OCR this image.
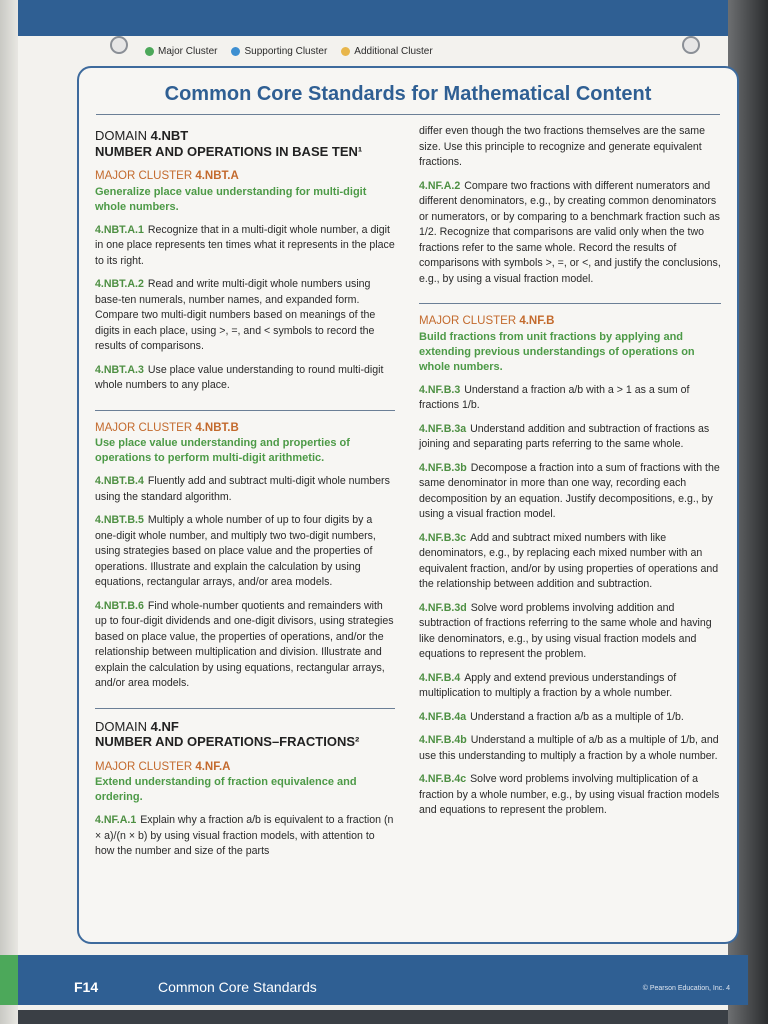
Major Cluster	Supporting Cluster	Additional Cluster
Common Core Standards for Mathematical Content
DOMAIN 4.NBT
NUMBER AND OPERATIONS IN BASE TEN¹
MAJOR CLUSTER 4.NBT.A
Generalize place value understanding for multi-digit whole numbers.
4.NBT.A.1 Recognize that in a multi-digit whole number, a digit in one place represents ten times what it represents in the place to its right.
4.NBT.A.2 Read and write multi-digit whole numbers using base-ten numerals, number names, and expanded form. Compare two multi-digit numbers based on meanings of the digits in each place, using >, =, and < symbols to record the results of comparisons.
4.NBT.A.3 Use place value understanding to round multi-digit whole numbers to any place.
MAJOR CLUSTER 4.NBT.B
Use place value understanding and properties of operations to perform multi-digit arithmetic.
4.NBT.B.4 Fluently add and subtract multi-digit whole numbers using the standard algorithm.
4.NBT.B.5 Multiply a whole number of up to four digits by a one-digit whole number, and multiply two two-digit numbers, using strategies based on place value and the properties of operations. Illustrate and explain the calculation by using equations, rectangular arrays, and/or area models.
4.NBT.B.6 Find whole-number quotients and remainders with up to four-digit dividends and one-digit divisors, using strategies based on place value, the properties of operations, and/or the relationship between multiplication and division. Illustrate and explain the calculation by using equations, rectangular arrays, and/or area models.
DOMAIN 4.NF
NUMBER AND OPERATIONS–FRACTIONS²
MAJOR CLUSTER 4.NF.A
Extend understanding of fraction equivalence and ordering.
4.NF.A.1 Explain why a fraction a/b is equivalent to a fraction (n × a)/(n × b) by using visual fraction models, with attention to how the number and size of the parts
differ even though the two fractions themselves are the same size. Use this principle to recognize and generate equivalent fractions.
4.NF.A.2 Compare two fractions with different numerators and different denominators, e.g., by creating common denominators or numerators, or by comparing to a benchmark fraction such as 1/2. Recognize that comparisons are valid only when the two fractions refer to the same whole. Record the results of comparisons with symbols >, =, or <, and justify the conclusions, e.g., by using a visual fraction model.
MAJOR CLUSTER 4.NF.B
Build fractions from unit fractions by applying and extending previous understandings of operations on whole numbers.
4.NF.B.3 Understand a fraction a/b with a > 1 as a sum of fractions 1/b.
4.NF.B.3a Understand addition and subtraction of fractions as joining and separating parts referring to the same whole.
4.NF.B.3b Decompose a fraction into a sum of fractions with the same denominator in more than one way, recording each decomposition by an equation. Justify decompositions, e.g., by using a visual fraction model.
4.NF.B.3c Add and subtract mixed numbers with like denominators, e.g., by replacing each mixed number with an equivalent fraction, and/or by using properties of operations and the relationship between addition and subtraction.
4.NF.B.3d Solve word problems involving addition and subtraction of fractions referring to the same whole and having like denominators, e.g., by using visual fraction models and equations to represent the problem.
4.NF.B.4 Apply and extend previous understandings of multiplication to multiply a fraction by a whole number.
4.NF.B.4a Understand a fraction a/b as a multiple of 1/b.
4.NF.B.4b Understand a multiple of a/b as a multiple of 1/b, and use this understanding to multiply a fraction by a whole number.
4.NF.B.4c Solve word problems involving multiplication of a fraction by a whole number, e.g., by using visual fraction models and equations to represent the problem.
F14	Common Core Standards	© Pearson Education, Inc. 4
